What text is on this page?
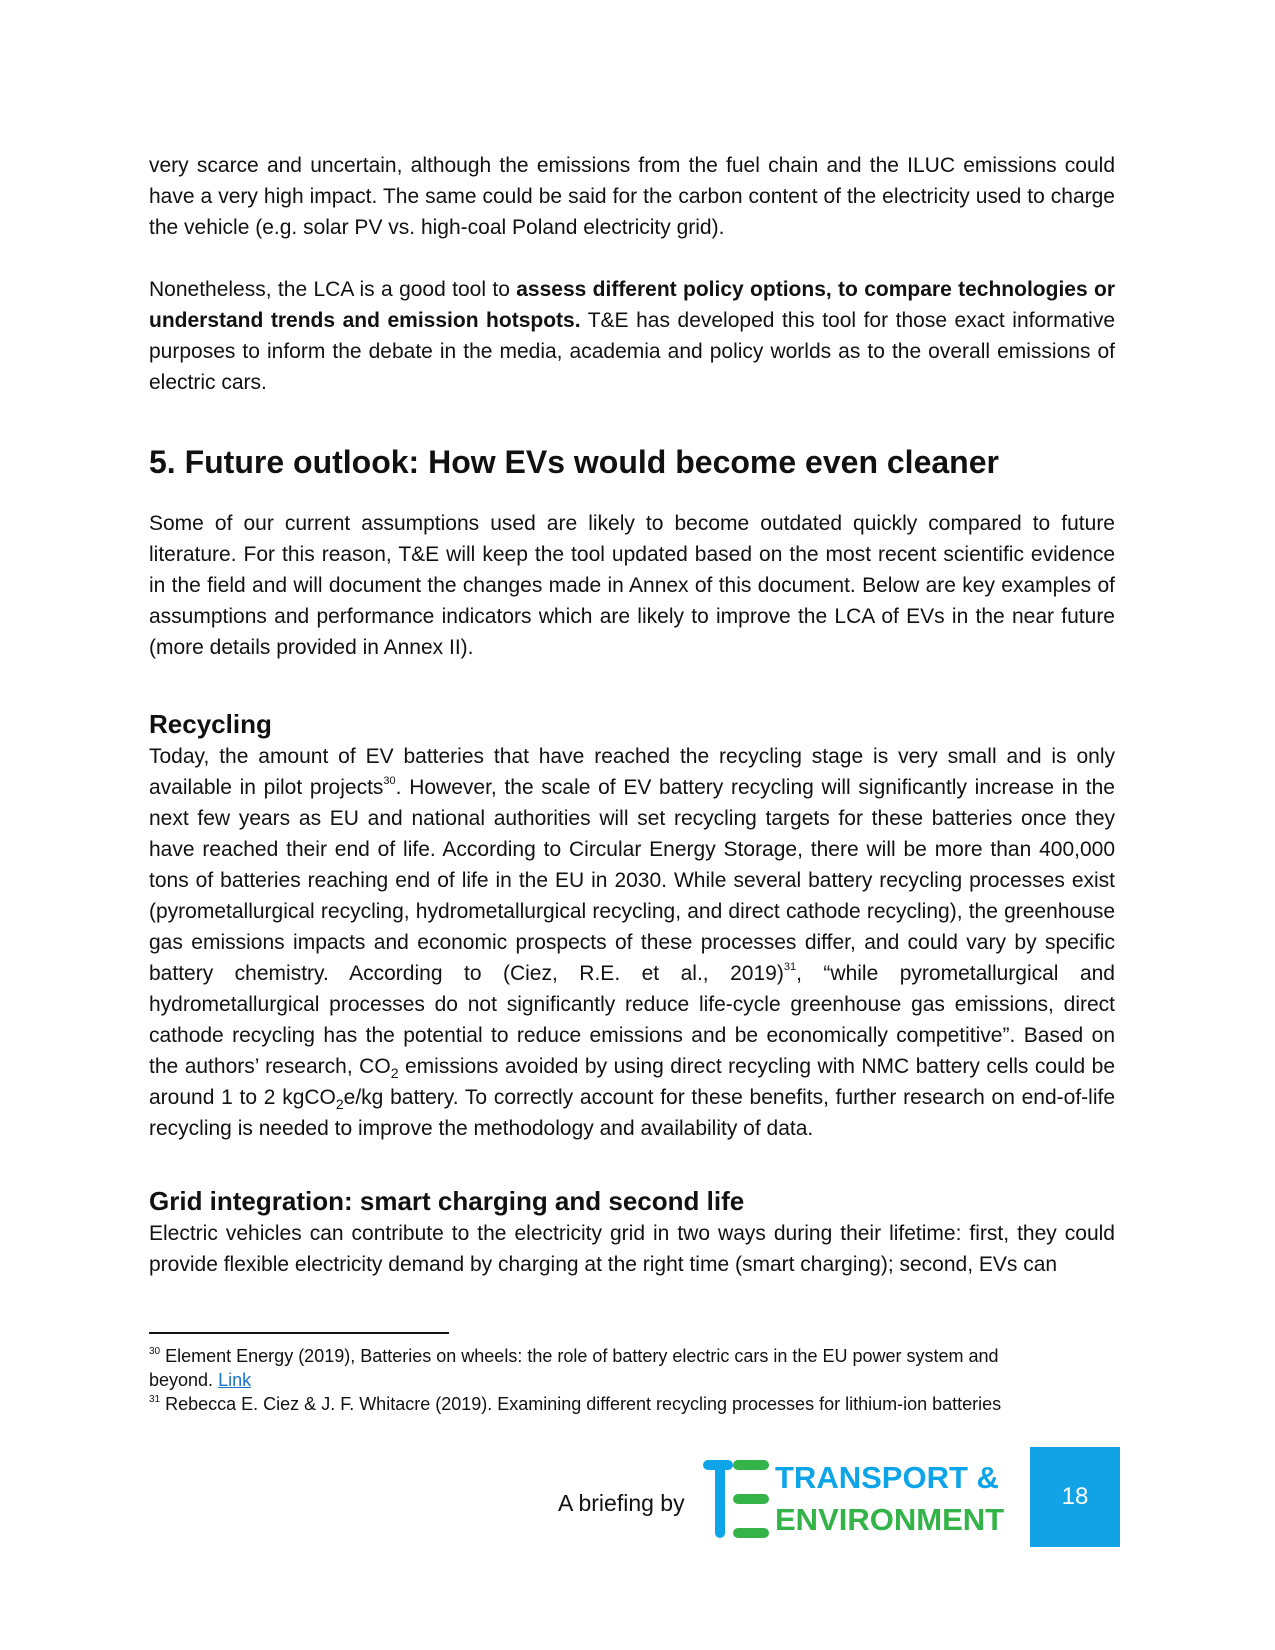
very scarce and uncertain, although the emissions from the fuel chain and the ILUC emissions could have a very high impact. The same could be said for the carbon content of the electricity used to charge the vehicle (e.g. solar PV vs. high-coal Poland electricity grid).

Nonetheless, the LCA is a good tool to assess different policy options, to compare technologies or understand trends and emission hotspots. T&E has developed this tool for those exact informative purposes to inform the debate in the media, academia and policy worlds as to the overall emissions of electric cars.

5. Future outlook: How EVs would become even cleaner

Some of our current assumptions used are likely to become outdated quickly compared to future literature. For this reason, T&E will keep the tool updated based on the most recent scientific evidence in the field and will document the changes made in Annex of this document. Below are key examples of assumptions and performance indicators which are likely to improve the LCA of EVs in the near future (more details provided in Annex II).

Recycling

Today, the amount of EV batteries that have reached the recycling stage is very small and is only available in pilot projects$^{30}$. However, the scale of EV battery recycling will significantly increase in the next few years as EU and national authorities will set recycling targets for these batteries once they have reached their end of life. According to Circular Energy Storage, there will be more than 400,000 tons of batteries reaching end of life in the EU in 2030. While several battery recycling processes exist (pyrometallurgical recycling, hydrometallurgical recycling, and direct cathode recycling), the greenhouse gas emissions impacts and economic prospects of these processes differ, and could vary by specific battery chemistry. According to (Ciez, R.E. et al., 2019)$^{31}$, “while pyrometallurgical and hydrometallurgical processes do not significantly reduce life-cycle greenhouse gas emissions, direct cathode recycling has the potential to reduce emissions and be economically competitive”. Based on the authors’ research, $CO_2$ emissions avoided by using direct recycling with NMC battery cells could be around 1 to 2 kgCO$_2$e/kg battery. To correctly account for these benefits, further research on end-of-life recycling is needed to improve the methodology and availability of data.

Grid integration: smart charging and second life

Electric vehicles can contribute to the electricity grid in two ways during their lifetime: first, they could provide flexible electricity demand by charging at the right time (smart charging); second, EVs can

$^{30}$ Element Energy (2019), Batteries on wheels: the role of battery electric cars in the EU power system and beyond. Link
$^{31}$ Rebecca E. Ciez & J. F. Whitacre (2019). Examining different recycling processes for lithium-ion batteries
A briefing by
TRANSPORT &
ENVIRONMENT
18
